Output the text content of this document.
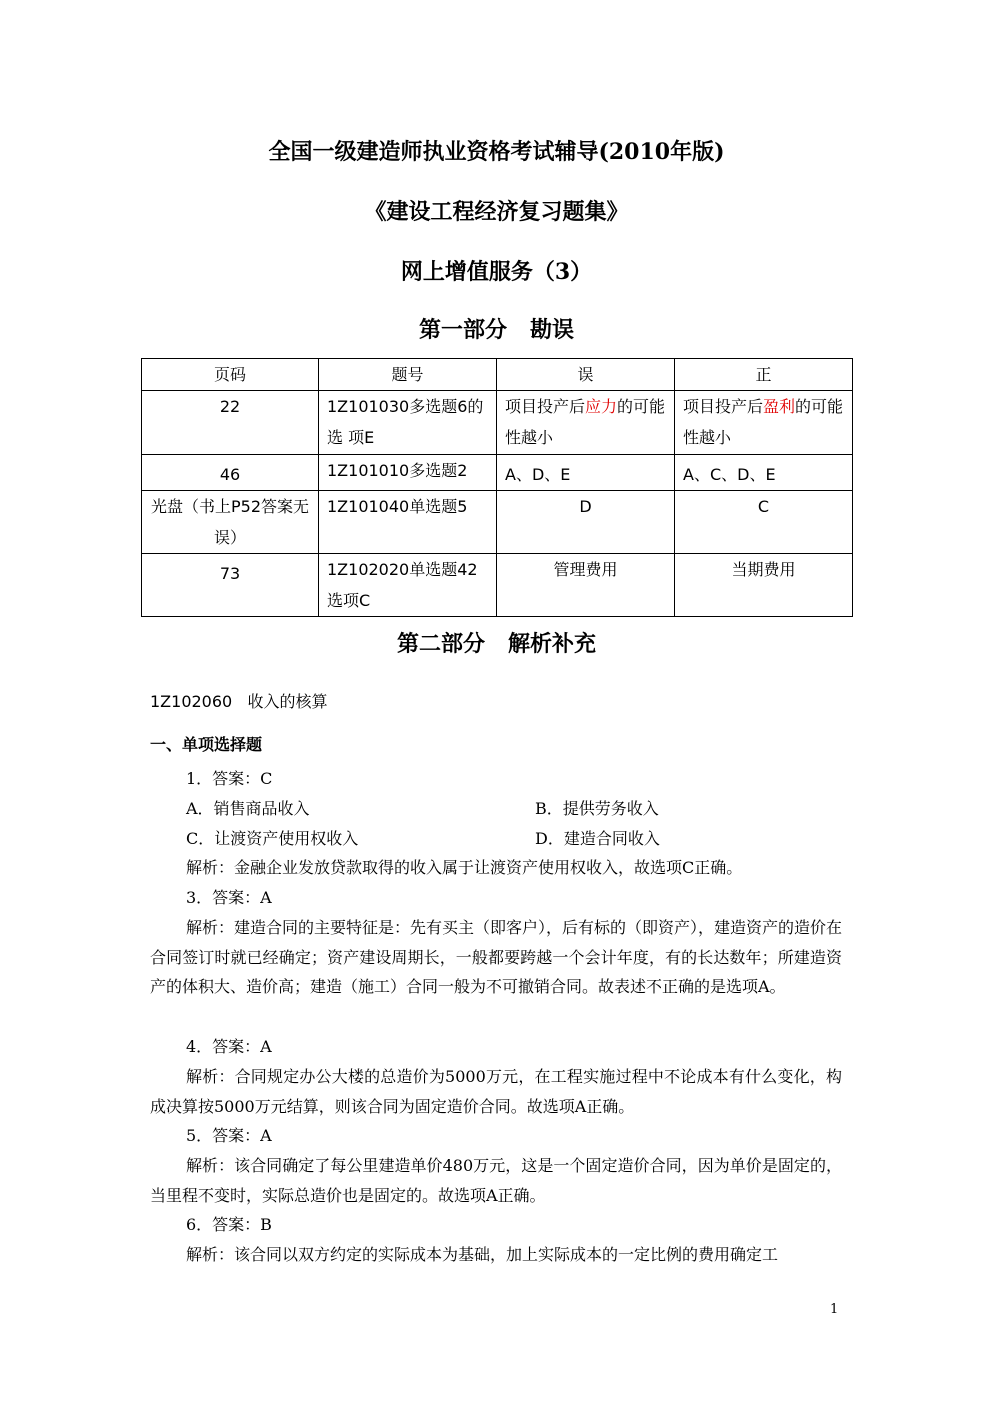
全国一级建造师执业资格考试辅导(2010年版)
《建设工程经济复习题集》
网上增值服务（3）
第一部分   勘误
页码	题号	误	正
22	1Z101030多选题6的选 项E	项目投产后应力的可能性越小	项目投产后盈利的可能性越小
46	1Z101010多选题2	A、D、E	A、C、D、E
光盘（书上P52答案无误）	1Z101040单选题5	D	C
73	1Z102020单选题42选项C	管理费用	当期费用
第二部分   解析补充
1Z102060   收入的核算
一、单项选择题
1．答案：C
A．销售商品收入	B．提供劳务收入
C．让渡资产使用权收入	D．建造合同收入
解析：金融企业发放贷款取得的收入属于让渡资产使用权收入，故选项C正确。
3．答案：A
解析：建造合同的主要特征是：先有买主（即客户），后有标的（即资产），建造资产的造价在合同签订时就已经确定；资产建设周期长，一般都要跨越一个会计年度，有的长达数年；所建造资产的体积大、造价高；建造（施工）合同一般为不可撤销合同。故表述不正确的是选项A。
4．答案：A
解析：合同规定办公大楼的总造价为5000万元，在工程实施过程中不论成本有什么变化，构成决算按5000万元结算，则该合同为固定造价合同。故选项A正确。
5．答案：A
解析：该合同确定了每公里建造单价480万元，这是一个固定造价合同，因为单价是固定的，当里程不变时，实际总造价也是固定的。故选项A正确。
6．答案：B
解析：该合同以双方约定的实际成本为基础，加上实际成本的一定比例的费用确定工
1
